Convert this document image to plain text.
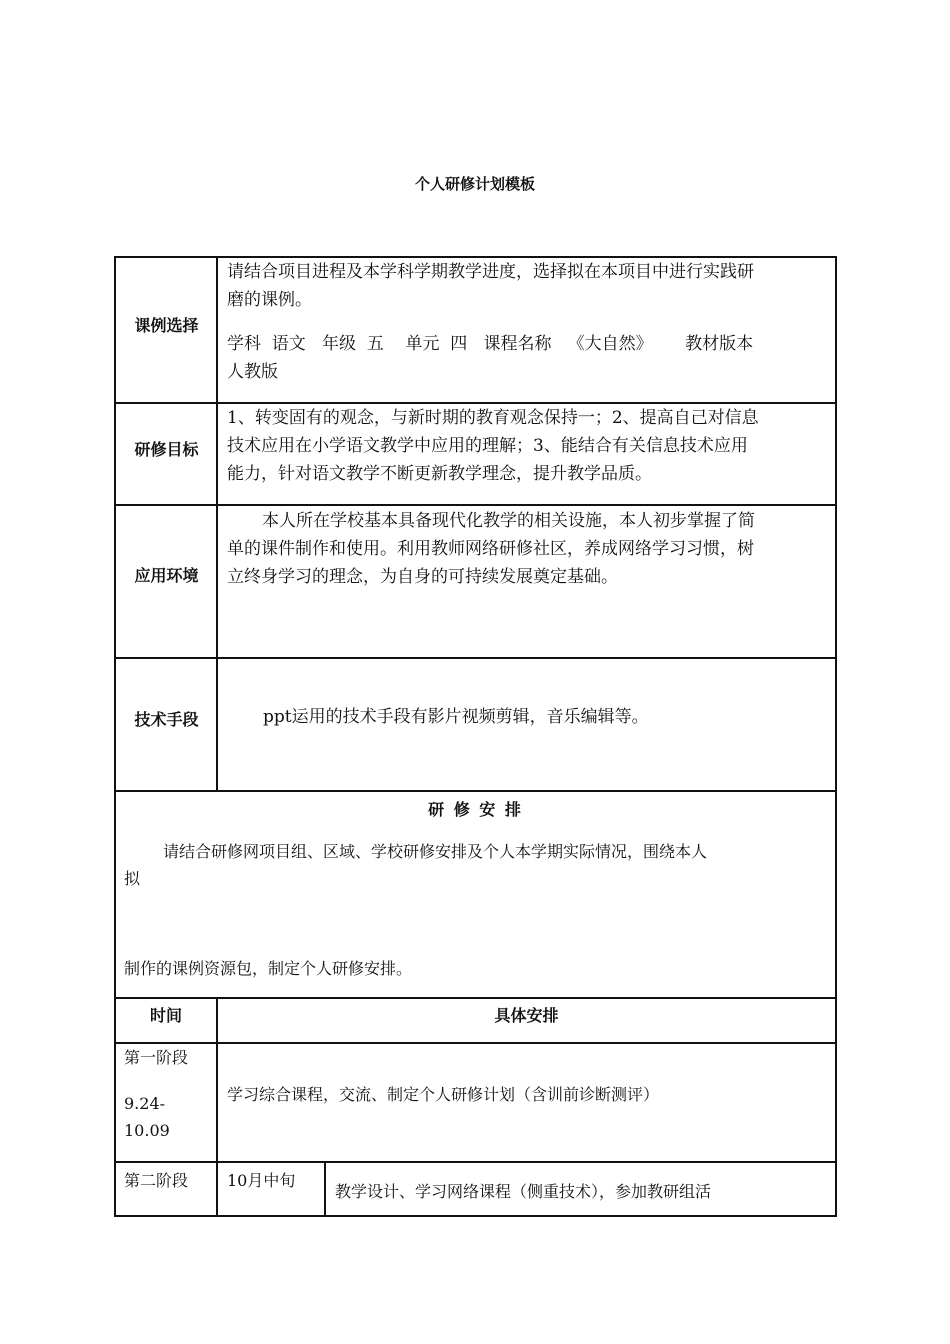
个人研修计划模板
课例选择
请结合项目进程及本学科学期教学进度，选择拟在本项目中进行实践研
磨的课例。
学科  语文   年级  五    单元  四   课程名称   《大自然》      教材版本
人教版
研修目标
1、转变固有的观念，与新时期的教育观念保持一；2、提高自己对信息
技术应用在小学语文教学中应用的理解；3、能结合有关信息技术应用
能力，针对语文教学不断更新教学理念，提升教学品质。
应用环境
本人所在学校基本具备现代化教学的相关设施，本人初步掌握了简
单的课件制作和使用。利用教师网络研修社区，养成网络学习习惯，树
立终身学习的理念，为自身的可持续发展奠定基础。
技术手段	ppt运用的技术手段有影片视频剪辑，音乐编辑等。
研 修 安 排
请结合研修网项目组、区域、学校研修安排及个人本学期实际情况，围绕本人
拟
制作的课例资源包，制定个人研修安排。
时间	具体安排
第一阶段
9.24-
10.09
学习综合课程，交流、制定个人研修计划（含训前诊断测评）
第二阶段 10月中旬
教学设计、学习网络课程（侧重技术），参加教研组活
